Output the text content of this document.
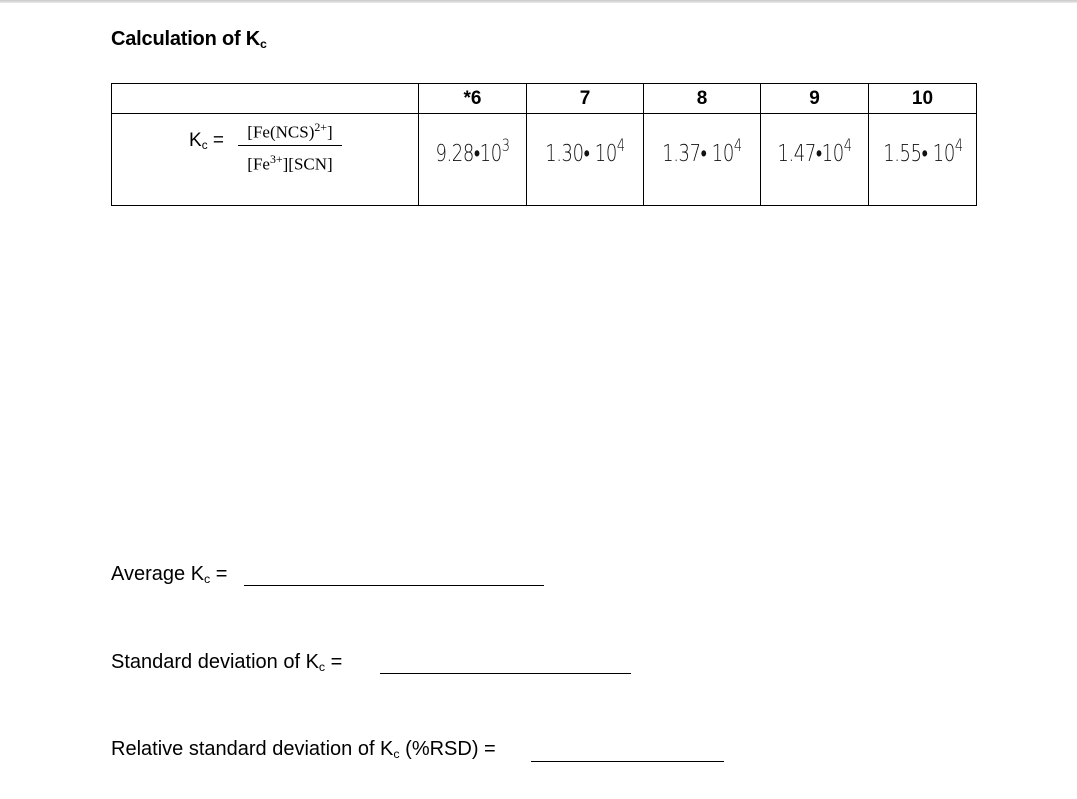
Calculation of $K_c$
	*6	7	8	9	10

$K_c = [Fe(NCS)^{2+}]$
$[Fe^{3+}][SCN]$	$9.28•10^3$	1.30• $10^4$	1.37• $10^4$	$1.47•10^4$	1.55• $10^4$
Average $K_c$ =
Standard deviation of $K_c$ =
Relative standard deviation of $K_c$ (%RSD) =
